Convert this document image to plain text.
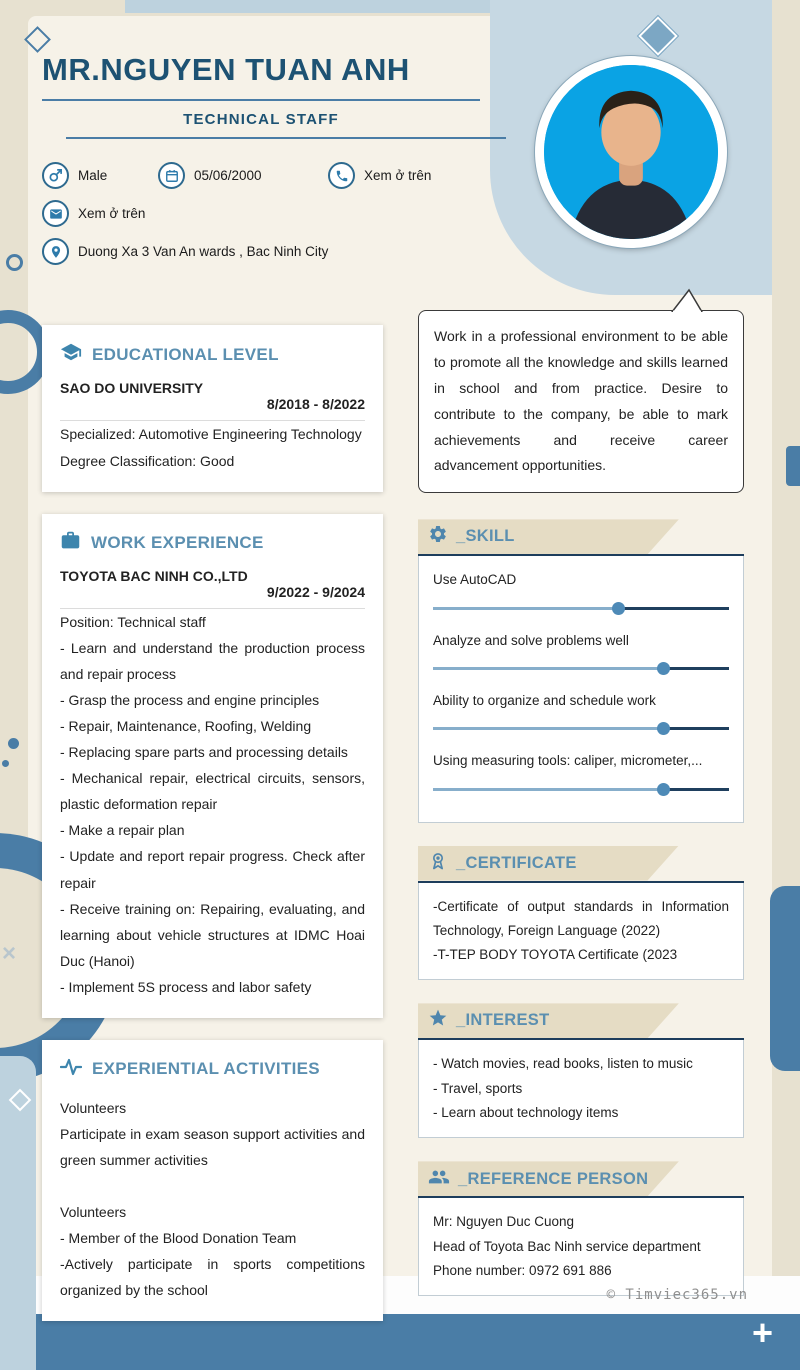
×
+
MR.NGUYEN TUAN ANH
TECHNICAL STAFF
Male	05/06/2000	Xem ở trên
Xem ở trên
Duong Xa 3 Van An wards , Bac Ninh City
EDUCATIONAL LEVEL

SAO DO UNIVERSITY

8/2018 - 8/2022

Specialized: Automotive Engineering Technology

Degree Classification: Good

WORK EXPERIENCE

TOYOTA BAC NINH CO.,LTD

9/2022 - 9/2024

Position: Technical staff

- Learn and understand the production process and repair process

- Grasp the process and engine principles

- Repair, Maintenance, Roofing, Welding

- Replacing spare parts and processing details

- Mechanical repair, electrical circuits, sensors, plastic deformation repair

- Make a repair plan

- Update and report repair progress. Check after repair

- Receive training on: Repairing, evaluating, and learning about vehicle structures at IDMC Hoai Duc (Hanoi)

- Implement 5S process and labor safety

EXPERIENTIAL ACTIVITIES

Volunteers

Participate in exam season support activities and green summer activities

Volunteers

- Member of the Blood Donation Team

-Actively participate in sports competitions organized by the school

Work in a professional environment to be able to promote all the knowledge and skills learned in school and from practice. Desire to contribute to the company, be able to mark achievements and receive career advancement opportunities.

_SKILL
Use AutoCAD
Analyze and solve problems well
Ability to organize and schedule work
Using measuring tools: caliper, micrometer,...
_CERTIFICATE

-Certificate of output standards in Information Technology, Foreign Language (2022)

-T-TEP BODY TOYOTA Certificate (2023

_INTEREST

- Watch movies, read books, listen to music

- Travel, sports

- Learn about technology items

_REFERENCE PERSON

Mr: Nguyen Duc Cuong

Head of Toyota Bac Ninh service department

Phone number: 0972 691 886

© Timviec365.vn
